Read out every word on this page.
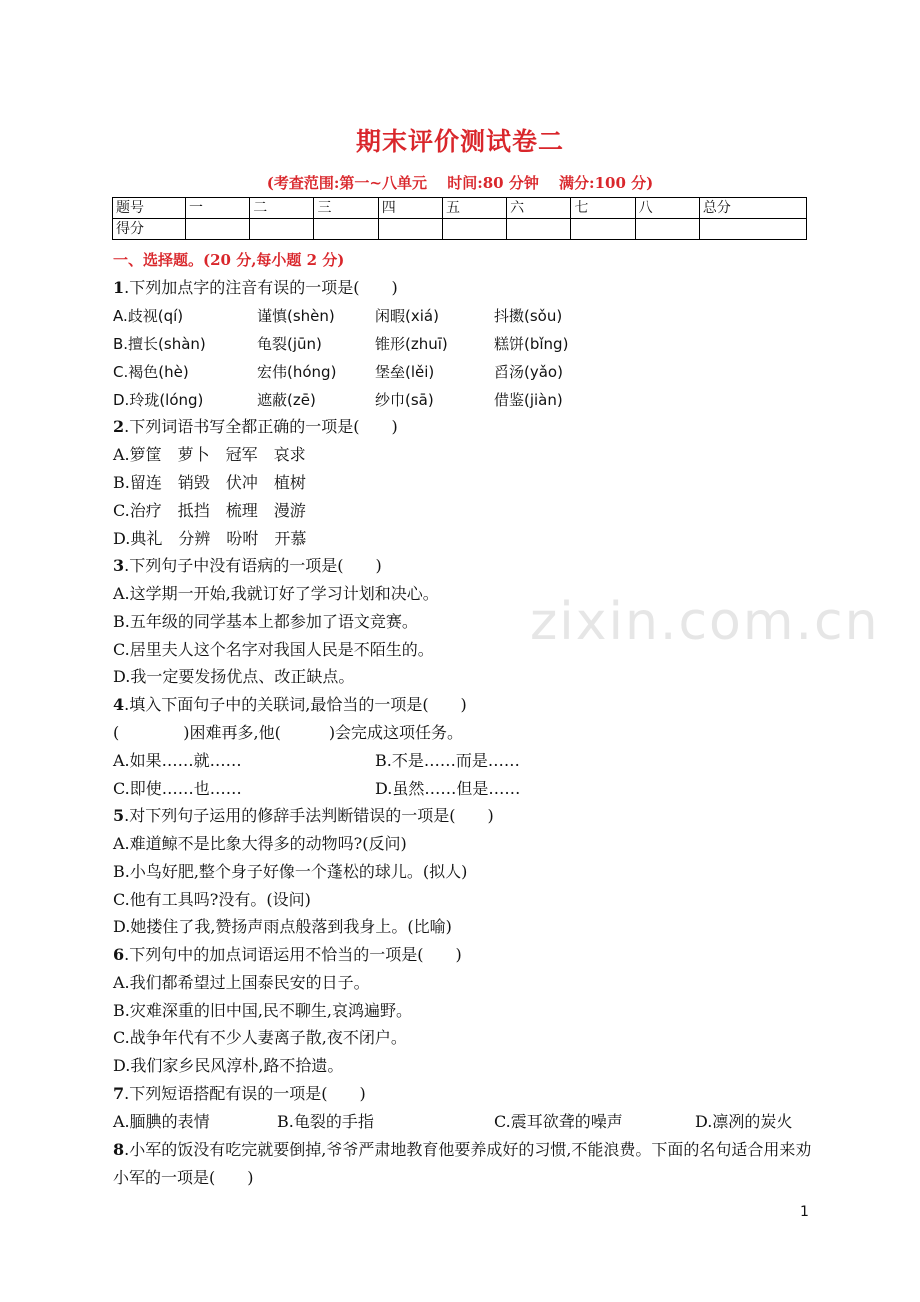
zixin.com.cn
期末评价测试卷二
(考查范围:第一~八单元　 时间:80 分钟　 满分:100 分)
题号	一	二	三	四	五	六	七	八	总分
得分									
一、选择题。(20 分,每小题 2 分)
1.下列加点字的注音有误的一项是(　　)
A.歧视(qí)	谨慎(shèn)	闲暇(xiá)	抖擞(sǒu)
B.擅长(shàn)	龟裂(jūn)	锥形(zhuī)	糕饼(bǐng)
C.褐色(hè)	宏伟(hóng)	堡垒(lěi)	舀汤(yǎo)
D.玲珑(lóng)	遮蔽(zē)	纱巾(sā)	借鉴(jiàn)
2.下列词语书写全都正确的一项是(　　)
A.箩筐　萝卜　冠军　哀求
B.留连　销毁　伏冲　植树
C.治疗　抵挡　梳理　漫游
D.典礼　分辨　吩咐　开慕
3.下列句子中没有语病的一项是(　　)
A.这学期一开始,我就订好了学习计划和决心。
B.五年级的同学基本上都参加了语文竞赛。
C.居里夫人这个名字对我国人民是不陌生的。
D.我一定要发扬优点、改正缺点。
4.填入下面句子中的关联词,最恰当的一项是(　　)
(　　　　)困难再多,他(　　　)会完成这项任务。
A.如果……就……	B.不是……而是……
C.即使……也……	D.虽然……但是……
5.对下列句子运用的修辞手法判断错误的一项是(　　)
A.难道鲸不是比象大得多的动物吗?(反问)
B.小鸟好肥,整个身子好像一个蓬松的球儿。(拟人)
C.他有工具吗?没有。(设问)
D.她搂住了我,赞扬声雨点般落到我身上。(比喻)
6.下列句中的加点词语运用不恰当的一项是(　　)
A.我们都希望过上国泰民安的日子。
B.灾难深重的旧中国,民不聊生,哀鸿遍野。
C.战争年代有不少人妻离子散,夜不闭户。
D.我们家乡民风淳朴,路不拾遗。
7.下列短语搭配有误的一项是(　　)
A.腼腆的表情	B.龟裂的手指	C.震耳欲聋的噪声	D.凛冽的炭火
8.小军的饭没有吃完就要倒掉,爷爷严肃地教育他要养成好的习惯,不能浪费。下面的名句适合用来劝小军的一项是(　　)
1
